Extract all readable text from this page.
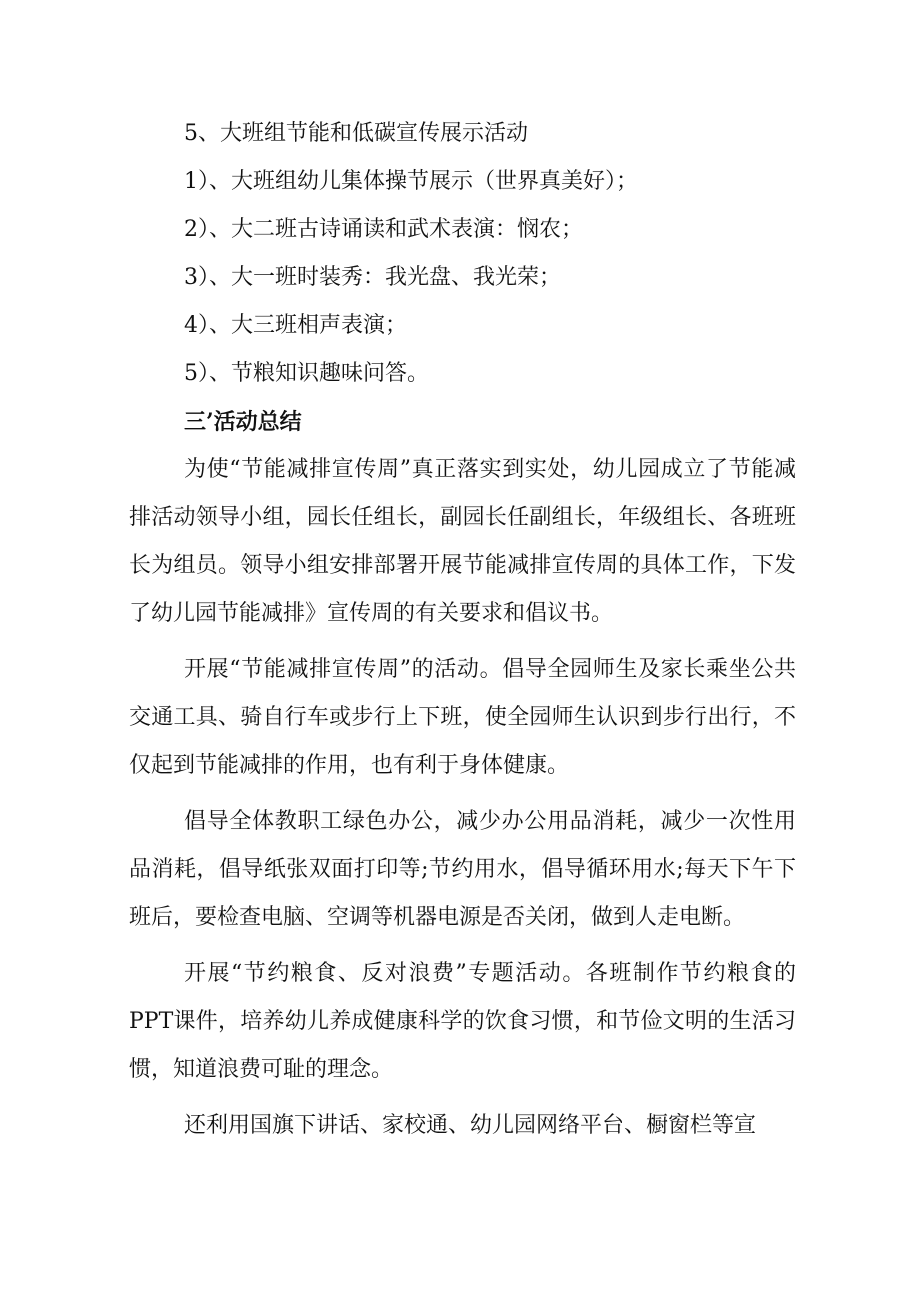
5、大班组节能和低碳宣传展示活动
1）、大班组幼儿集体操节展示（世界真美好）；
2）、大二班古诗诵读和武术表演：悯农；
3）、大一班时装秀：我光盘、我光荣；
4）、大三班相声表演；
5）、节粮知识趣味问答。
三’活动总结

为使“节能减排宣传周”真正落实到实处，幼儿园成立了节能减排活动领导小组，园长任组长，副园长任副组长，年级组长、各班班长为组员。领导小组安排部署开展节能减排宣传周的具体工作，下发了幼儿园节能减排》宣传周的有关要求和倡议书。

开展“节能减排宣传周”的活动。倡导全园师生及家长乘坐公共交通工具、骑自行车或步行上下班，使全园师生认识到步行出行，不仅起到节能减排的作用，也有利于身体健康。

倡导全体教职工绿色办公，减少办公用品消耗，减少一次性用品消耗，倡导纸张双面打印等;节约用水，倡导循环用水;每天下午下班后，要检查电脑、空调等机器电源是否关闭，做到人走电断。

开展“节约粮食、反对浪费”专题活动。各班制作节约粮食的PPT课件，培养幼儿养成健康科学的饮食习惯，和节俭文明的生活习惯，知道浪费可耻的理念。

还利用国旗下讲话、家校通、幼儿园网络平台、橱窗栏等宣
